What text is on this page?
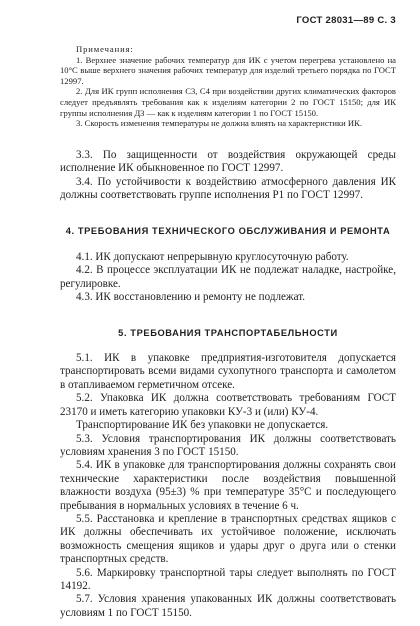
ГОСТ 28031—89 С. 3

Примечания:

1. Верхнее значение рабочих температур для ИК с учетом перегрева установлено на 10°С выше верхнего значения рабочих температур для изделий третьего порядка по ГОСТ 12997.

2. Для ИК групп исполнения С3, С4 при воздействии других климатических факторов следует предъявлять требования как к изделиям категории 2 по ГОСТ 15150; для ИК группы исполнения Д3 — как к изделиям категории 1 по ГОСТ 15150.

3. Скорость изменения температуры не должна влиять на характеристики ИК.

3.3. По защищенности от воздействия окружающей среды исполнение ИК обыкновенное по ГОСТ 12997.

3.4. По устойчивости к воздействию атмосферного давления ИК должны соответствовать группе исполнения Р1 по ГОСТ 12997.

4. ТРЕБОВАНИЯ ТЕХНИЧЕСКОГО ОБСЛУЖИВАНИЯ И РЕМОНТА

4.1. ИК допускают непрерывную круглосуточную работу.

4.2. В процессе эксплуатации ИК не подлежат наладке, настройке, регулировке.

4.3. ИК восстановлению и ремонту не подлежат.

5. ТРЕБОВАНИЯ ТРАНСПОРТАБЕЛЬНОСТИ

5.1. ИК в упаковке предприятия-изготовителя допускается транспортировать всеми видами сухопутного транспорта и самолетом в отапливаемом герметичном отсеке.

5.2. Упаковка ИК должна соответствовать требованиям ГОСТ 23170 и иметь категорию упаковки КУ-3 и (или) КУ-4.

Транспортирование ИК без упаковки не допускается.

5.3. Условия транспортирования ИК должны соответствовать условиям хранения 3 по ГОСТ 15150.

5.4. ИК в упаковке для транспортирования должны сохранять свои технические характеристики после воздействия повышенной влажности воздуха (95±3) % при температуре 35°С и последующего пребывания в нормальных условиях в течение 6 ч.

5.5. Расстановка и крепление в транспортных средствах ящиков с ИК должны обеспечивать их устойчивое положение, исключать возможность смещения ящиков и удары друг о друга или о стенки транспортных средств.

5.6. Маркировку транспортной тары следует выполнять по ГОСТ 14192.

5.7. Условия хранения упакованных ИК должны соответствовать условиям 1 по ГОСТ 15150.
